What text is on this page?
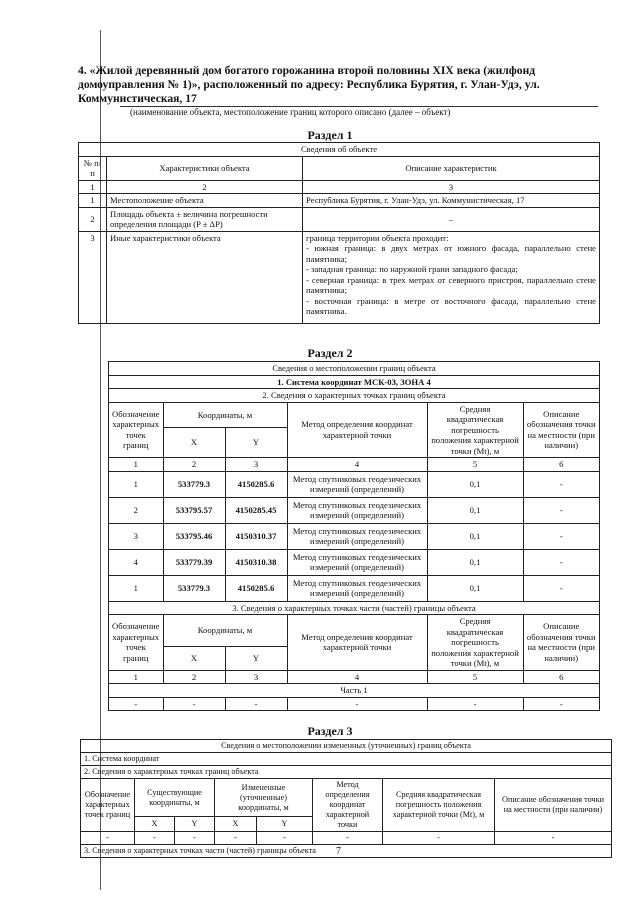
4. «Жилой деревянный дом богатого горожанина второй половины XIX века (жилфонд домоуправления № 1)», расположенный по адресу: Республика Бурятия, г. Улан-Удэ, ул. Коммунистическая, 17
(наименование объекта, местоположение границ которого описано (далее – объект)
Раздел 1
Сведения об объекте		
№ п/п	Характеристики объекта	Описание характеристик
1	2	3
1	Местоположение объекта	Республика Бурятия, г. Улан-Удэ, ул. Коммунистическая, 17
2	Площадь объекта ± величина погрешности определения площади (P ± ΔP)	–
3	Иные характеристики объекта	граница территории объекта проходит:
- южная граница: в двух метрах от южного фасада, параллельно стене памятника;
- западная граница: по наружной грани западного фасада;
- северная граница: в трех метрах от северного пристроя, параллельно стене памятника;
- восточная граница: в метре от восточного фасада, параллельно стене памятника.
Раздел 2
Сведения о местоположении границ объекта					
1. Система координат МСК-03, ЗОНА 4					
2. Сведения о характерных точках границ объекта					
Обозначение характерных точек границ	Координаты, м		Метод определения координат характерной точки	Средняя квадратическая погрешность положения характерной точки (Mt), м	Описание обозначения точки на местности (при наличии)
	X	Y			
1	2	3	4	5	6
1	533779.3	4150285.6	Метод спутниковых геодезических измерений (определений)	0,1	-
2	533795.57	4150285.45	Метод спутниковых геодезических измерений (определений)	0,1	-
3	533795.46	4150310.37	Метод спутниковых геодезических измерений (определений)	0,1	-
4	533779.39	4150310.38	Метод спутниковых геодезических измерений (определений)	0,1	-
1	533779.3	4150285.6	Метод спутниковых геодезических измерений (определений)	0,1	-
3. Сведения о характерных точках части (частей) границы объекта					
Обозначение характерных точек границ	Координаты, м		Метод определения координат характерной точки	Средняя квадратическая погрешность положения характерной точки (Mt), м	Описание обозначения точки на местности (при наличии)
	X	Y			
1	2	3	4	5	6
Часть 1					
-	-	-	-	-	-
Раздел 3
Сведения о местоположении измененных (уточненных) границ объекта							
1. Система координат							
2. Сведения о характерных точках границ объекта							
Обозначение характерных точек границ	Существующие координаты, м		Измененные (уточненные) координаты, м		Метод определения координат характерной точки	Средняя квадратическая погрешность положения характерной точки (Mt), м	Описание обозначения точки на местности (при наличии)
	X	Y	X	Y			
-	-	-	-	-	-	-	-
3. Сведения о характерных точках части (частей) границы объекта							7
